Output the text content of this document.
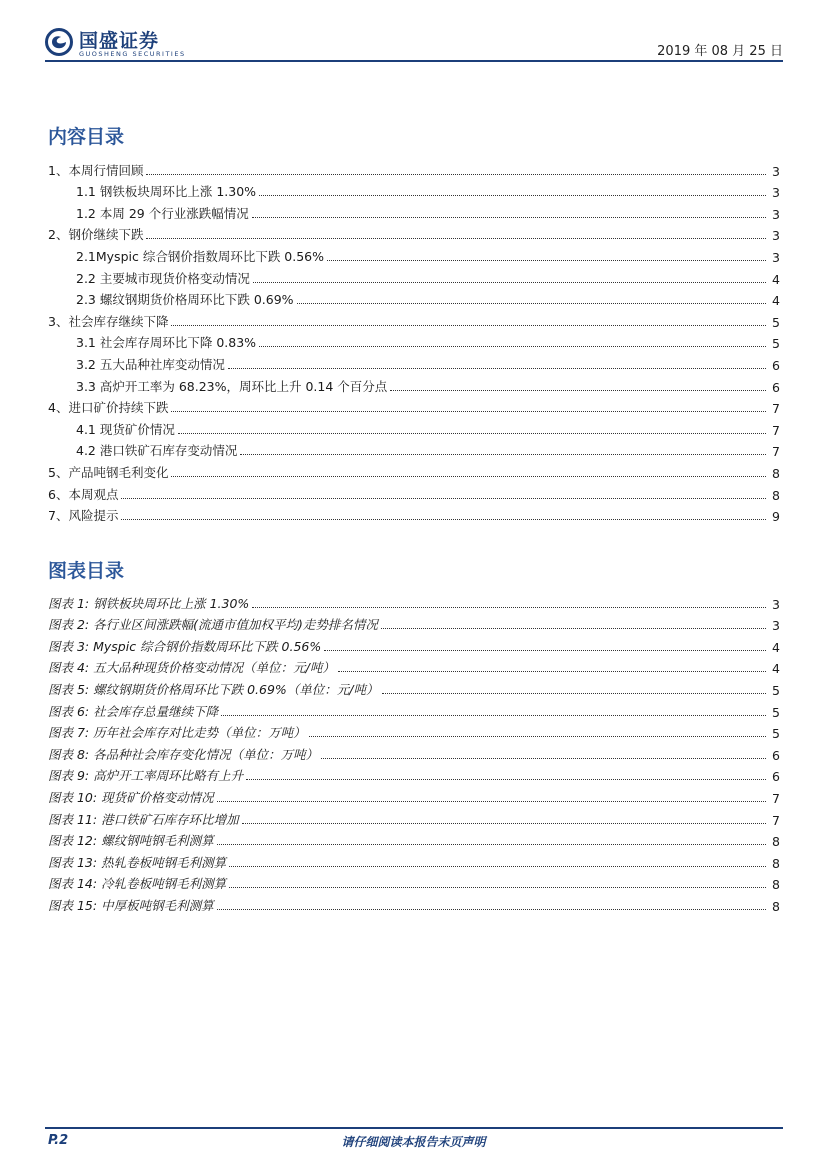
国盛证券
GUOSHENG SECURITIES	2019 年 08 月 25 日
内容目录
1、本周行情回顾	3
1.1 钢铁板块周环比上涨 1.30%	3
1.2 本周 29 个行业涨跌幅情况	3
2、钢价继续下跌	3
2.1Myspic 综合钢价指数周环比下跌 0.56%	3
2.2 主要城市现货价格变动情况	4
2.3 螺纹钢期货价格周环比下跌 0.69%	4
3、社会库存继续下降	5
3.1 社会库存周环比下降 0.83%	5
3.2 五大品种社库变动情况	6
3.3 高炉开工率为 68.23%，周环比上升 0.14 个百分点	6
4、进口矿价持续下跌	7
4.1 现货矿价情况	7
4.2 港口铁矿石库存变动情况	7
5、产品吨钢毛利变化	8
6、本周观点	8
7、风险提示	9
图表目录
图表 1: 钢铁板块周环比上涨 1.30%	3
图表 2: 各行业区间涨跌幅(流通市值加权平均)走势排名情况	3
图表 3: Myspic 综合钢价指数周环比下跌 0.56%	4
图表 4: 五大品种现货价格变动情况（单位：元/吨）	4
图表 5: 螺纹钢期货价格周环比下跌 0.69%（单位：元/吨）	5
图表 6: 社会库存总量继续下降	5
图表 7: 历年社会库存对比走势（单位：万吨）	5
图表 8: 各品种社会库存变化情况（单位：万吨）	6
图表 9: 高炉开工率周环比略有上升	6
图表 10: 现货矿价格变动情况	7
图表 11: 港口铁矿石库存环比增加	7
图表 12: 螺纹钢吨钢毛利测算	8
图表 13: 热轧卷板吨钢毛利测算	8
图表 14: 冷轧卷板吨钢毛利测算	8
图表 15: 中厚板吨钢毛利测算	8
P.2	请仔细阅读本报告末页声明
